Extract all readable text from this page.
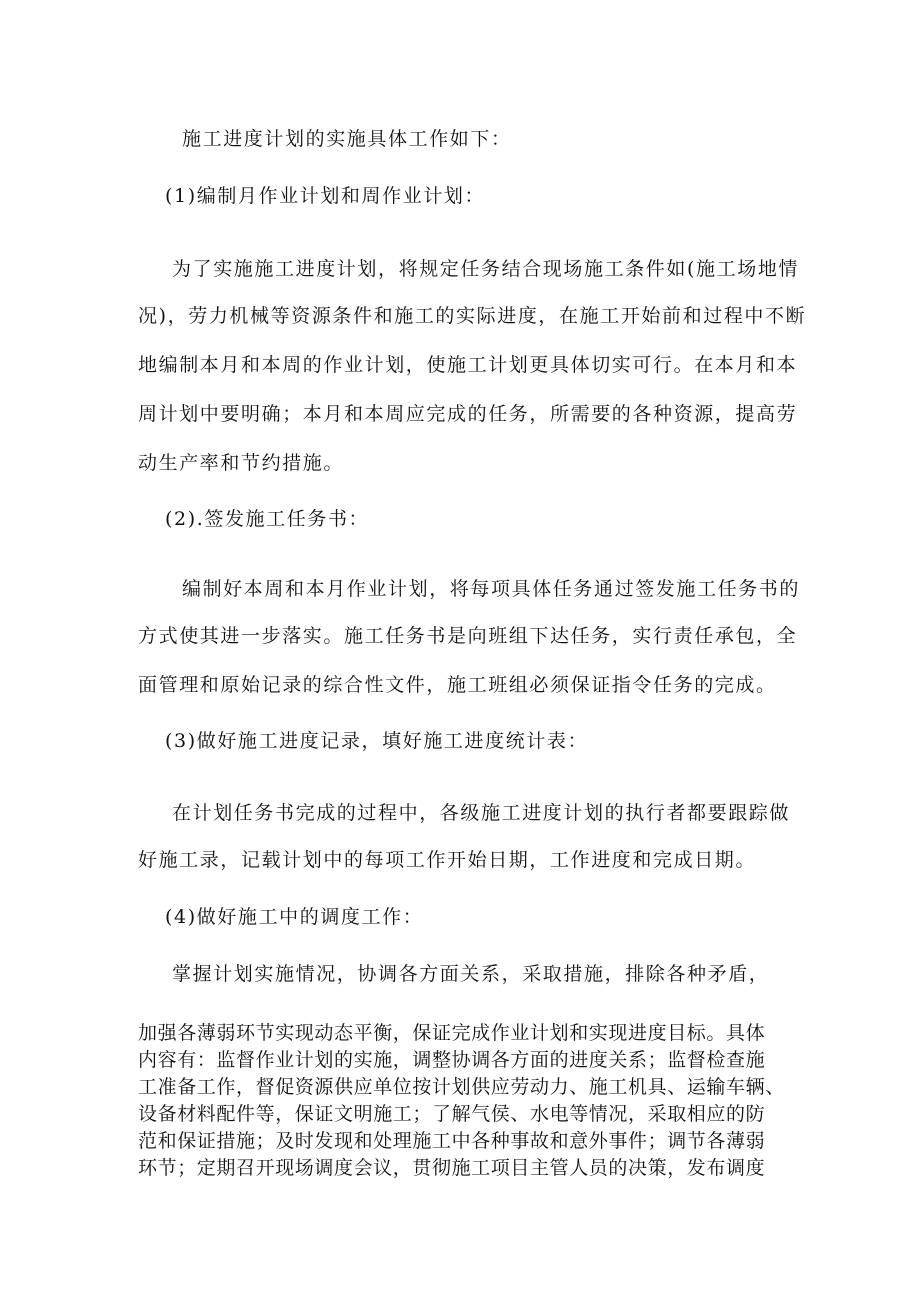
施工进度计划的实施具体工作如下：
(1)编制月作业计划和周作业计划：
为了实施施工进度计划，将规定任务结合现场施工条件如(施工场地情
况)，劳力机械等资源条件和施工的实际进度，在施工开始前和过程中不断
地编制本月和本周的作业计划，使施工计划更具体切实可行。在本月和本
周计划中要明确；本月和本周应完成的任务，所需要的各种资源，提高劳
动生产率和节约措施。
(2).签发施工任务书：
编制好本周和本月作业计划，将每项具体任务通过签发施工任务书的
方式使其进一步落实。施工任务书是向班组下达任务，实行责任承包，全
面管理和原始记录的综合性文件，施工班组必须保证指令任务的完成。
(3)做好施工进度记录，填好施工进度统计表：
在计划任务书完成的过程中，各级施工进度计划的执行者都要跟踪做
好施工录，记载计划中的每项工作开始日期，工作进度和完成日期。
(4)做好施工中的调度工作：
掌握计划实施情况，协调各方面关系，采取措施，排除各种矛盾，
加强各薄弱环节实现动态平衡，保证完成作业计划和实现进度目标。具体
内容有：监督作业计划的实施，调整协调各方面的进度关系；监督检查施
工准备工作，督促资源供应单位按计划供应劳动力、施工机具、运输车辆、
设备材料配件等，保证文明施工；了解气侯、水电等情况，采取相应的防
范和保证措施；及时发现和处理施工中各种事故和意外事件；调节各薄弱
环节；定期召开现场调度会议，贯彻施工项目主管人员的决策，发布调度
